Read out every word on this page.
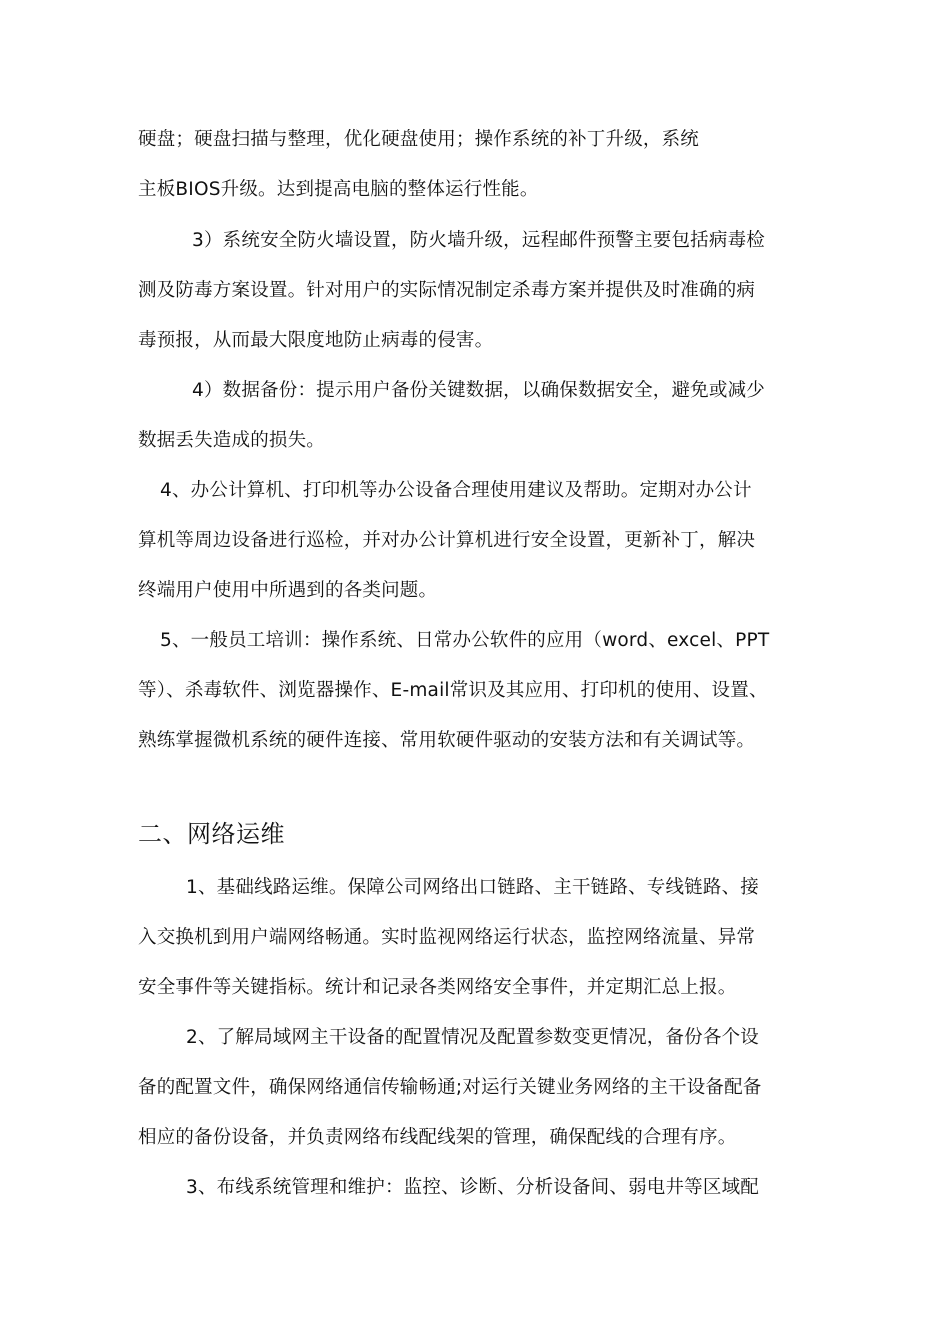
硬盘；硬盘扫描与整理，优化硬盘使用；操作系统的补丁升级，系统
主板BIOS升级。达到提高电脑的整体运行性能。
3）系统安全防火墙设置，防火墙升级，远程邮件预警主要包括病毒检
测及防毒方案设置。针对用户的实际情况制定杀毒方案并提供及时准确的病
毒预报，从而最大限度地防止病毒的侵害。
4）数据备份：提示用户备份关键数据，以确保数据安全，避免或减少
数据丢失造成的损失。
4、办公计算机、打印机等办公设备合理使用建议及帮助。定期对办公计
算机等周边设备进行巡检，并对办公计算机进行安全设置，更新补丁，解决
终端用户使用中所遇到的各类问题。
5、一般员工培训：操作系统、日常办公软件的应用（word、excel、PPT
等）、杀毒软件、浏览器操作、E-mail常识及其应用、打印机的使用、设置、
熟练掌握微机系统的硬件连接、常用软硬件驱动的安装方法和有关调试等。
二、网络运维
1、基础线路运维。保障公司网络出口链路、主干链路、专线链路、接
入交换机到用户端网络畅通。实时监视网络运行状态，监控网络流量、异常
安全事件等关键指标。统计和记录各类网络安全事件，并定期汇总上报。
2、了解局域网主干设备的配置情况及配置参数变更情况，备份各个设
备的配置文件，确保网络通信传输畅通;对运行关键业务网络的主干设备配备
相应的备份设备，并负责网络布线配线架的管理，确保配线的合理有序。
3、布线系统管理和维护：监控、诊断、分析设备间、弱电井等区域配
